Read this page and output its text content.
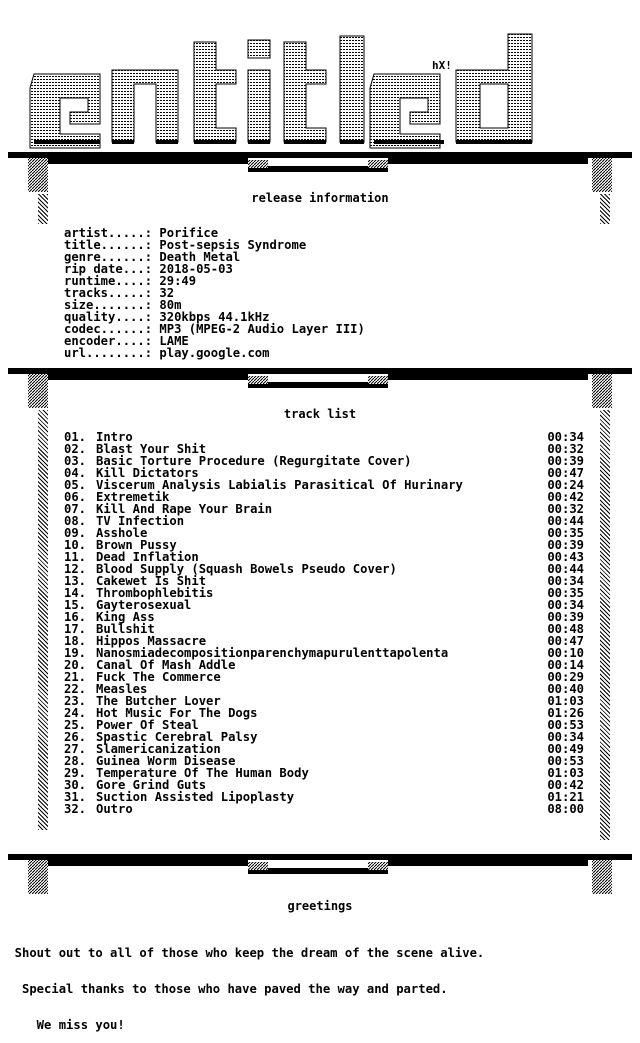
hX!
release information
artist.....: Porifice
title......: Post-sepsis Syndrome
genre......: Death Metal
rip date...: 2018-05-03
runtime....: 29:49
tracks.....: 32
size.......: 80m
quality....: 320kbps 44.1kHz
codec......: MP3 (MPEG-2 Audio Layer III)
encoder....: LAME
url........: play.google.com
track list
01. Intro	00:34
02. Blast Your Shit	00:32
03. Basic Torture Procedure (Regurgitate Cover)	00:39
04. Kill Dictators	00:47
05. Viscerum Analysis Labialis Parasitical Of Hurinary	00:24
06. Extremetik	00:42
07. Kill And Rape Your Brain	00:32
08. TV Infection	00:44
09. Asshole	00:35
10. Brown Pussy	00:39
11. Dead Inflation	00:43
12. Blood Supply (Squash Bowels Pseudo Cover)	00:44
13. Cakewet Is Shit	00:34
14. Thrombophlebitis	00:35
15. Gayterosexual	00:34
16. King Ass	00:39
17. Bullshit	00:48
18. Hippos Massacre	00:47
19. Nanosmiadecompositionparenchymapurulenttapolenta	00:10
20. Canal Of Mash Addle	00:14
21. Fuck The Commerce	00:29
22. Measles	00:40
23. The Butcher Lover	01:03
24. Hot Music For The Dogs	01:26
25. Power Of Steal	00:53
26. Spastic Cerebral Palsy	00:34
27. Slamericanization	00:49
28. Guinea Worm Disease	00:53
29. Temperature Of The Human Body	01:03
30. Gore Grind Guts	00:42
31. Suction Assisted Lipoplasty	01:21
32. Outro	08:00
greetings

Shout out to all of those who keep the dream of the scene alive.

Special thanks to those who have paved the way and parted.

We miss you!
